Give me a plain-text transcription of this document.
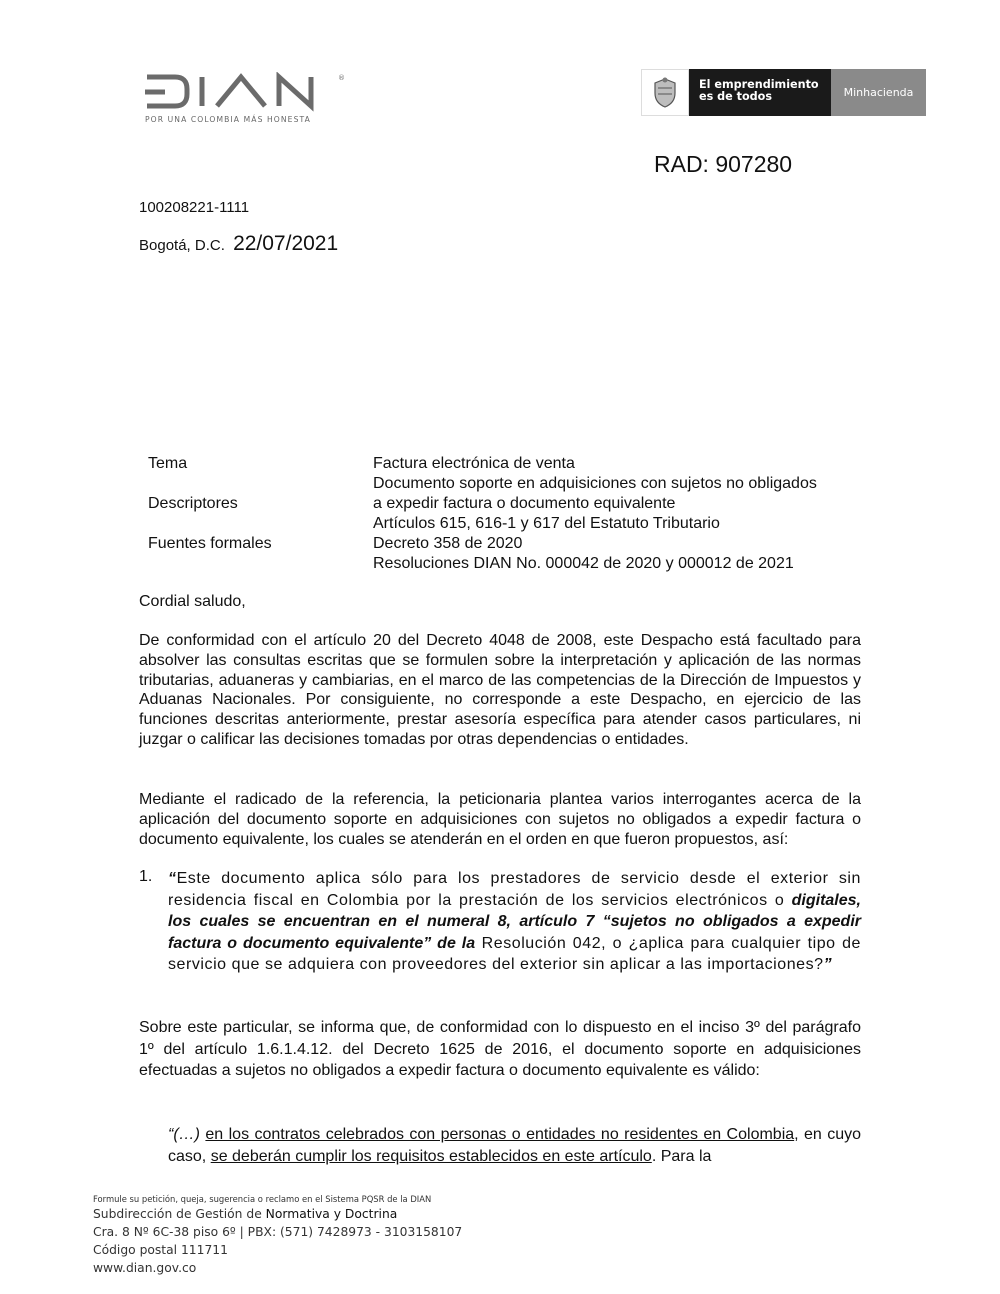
®
POR UNA COLOMBIA MÁS HONESTA
El emprendimiento
es de todos	Minhacienda
RAD: 907280
100208221-1111
Bogotá, D.C. 22/07/2021
Tema
Descriptores
Fuentes formales
Factura electrónica de venta
Documento soporte en adquisiciones con sujetos no obligados
a expedir factura o documento equivalente
Artículos 615, 616-1 y 617 del Estatuto Tributario
Decreto 358 de 2020
Resoluciones DIAN No. 000042 de 2020 y 000012 de 2021
Cordial saludo,
De conformidad con el artículo 20 del Decreto 4048 de 2008, este Despacho está facultado para absolver las consultas escritas que se formulen sobre la interpretación y aplicación de las normas tributarias, aduaneras y cambiarias, en el marco de las competencias de la Dirección de Impuestos y Aduanas Nacionales. Por consiguiente, no corresponde a este Despacho, en ejercicio de las funciones descritas anteriormente, prestar asesoría específica para atender casos particulares, ni juzgar o calificar las decisiones tomadas por otras dependencias o entidades.
Mediante el radicado de la referencia, la peticionaria plantea varios interrogantes acerca de la aplicación del documento soporte en adquisiciones con sujetos no obligados a expedir factura o documento equivalente, los cuales se atenderán en el orden en que fueron propuestos, así:
1. “Este documento aplica sólo para los prestadores de servicio desde el exterior sin residencia fiscal en Colombia por la prestación de los servicios electrónicos o digitales, los cuales se encuentran en el numeral 8, artículo 7 “sujetos no obligados a expedir factura o documento equivalente” de la Resolución 042, o ¿aplica para cualquier tipo de servicio que se adquiera con proveedores del exterior sin aplicar a las importaciones?”
Sobre este particular, se informa que, de conformidad con lo dispuesto en el inciso 3º del parágrafo 1º del artículo 1.6.1.4.12. del Decreto 1625 de 2016, el documento soporte en adquisiciones efectuadas a sujetos no obligados a expedir factura o documento equivalente es válido:
“(…) en los contratos celebrados con personas o entidades no residentes en Colombia, en cuyo caso, se deberán cumplir los requisitos establecidos en este artículo. Para la
Formule su petición, queja, sugerencia o reclamo en el Sistema PQSR de la DIAN
Subdirección de Gestión de Normativa y Doctrina
Cra. 8 Nº 6C-38 piso 6º | PBX: (571) 7428973 - 3103158107
Código postal 111711
www.dian.gov.co
